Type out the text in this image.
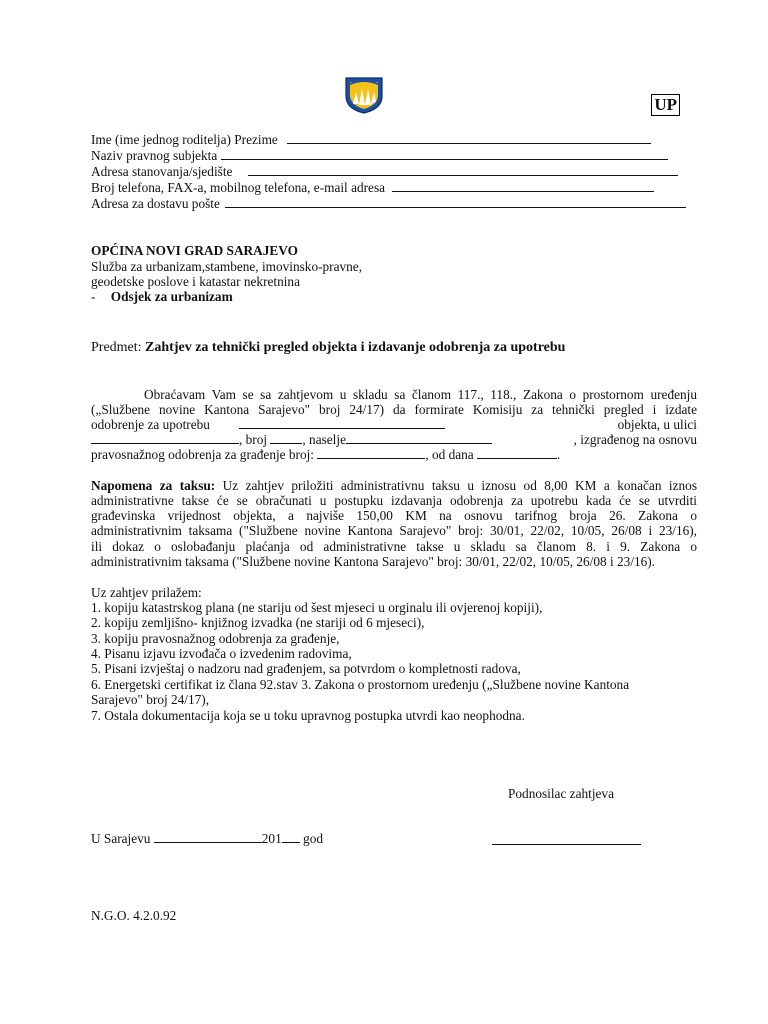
UP
Ime (ime jednog roditelja) Prezime
Naziv pravnog subjekta
Adresa stanovanja/sjedište
Broj telefona, FAX-a, mobilnog telefona, e-mail adresa
Adresa za dostavu pošte
OPĆINA NOVI GRAD SARAJEVO
Služba za urbanizam,stambene, imovinsko-pravne,
geodetske poslove i katastar nekretnina
- Odsjek za urbanizam
Predmet: Zahtjev za tehnički pregled objekta i izdavanje odobrenja za upotrebu
Obraćavam Vam se sa zahtjevom u skladu sa članom 117., 118., Zakona o prostornom uređenju
(„Službene novine Kantona Sarajevo" broj 24/17) da formirate Komisiju za tehnički pregled i izdate
odobrenje za upotrebu	objekta, u ulici
, broj	, naselje	, izgrađenog na osnovu
pravosnažnog odobrenja za građenje broj:	, od dana	.
Napomena za taksu: Uz zahtjev priložiti administrativnu taksu u iznosu od 8,00 KM a konačan iznos
administrativne takse će se obračunati u postupku izdavanja odobrenja za upotrebu kada će se utvrditi
građevinska vrijednost objekta, a najviše 150,00 KM na osnovu tarifnog broja 26. Zakona o
administrativnim taksama ("Službene novine Kantona Sarajevo" broj: 30/01, 22/02, 10/05, 26/08 i 23/16),
ili dokaz o oslobađanju plaćanja od administrativne takse u skladu sa članom 8. i 9. Zakona o
administrativnim taksama ("Službene novine Kantona Sarajevo" broj: 30/01, 22/02, 10/05, 26/08 i 23/16).
Uz zahtjev prilažem:
1. kopiju katastrskog plana (ne stariju od šest mjeseci u orginalu ili ovjerenoj kopiji),
2. kopiju zemljišno- knjižnog izvadka (ne stariji od 6 mjeseci),
3. kopiju pravosnažnog odobrenja za građenje,
4. Pisanu izjavu izvođača o izvedenim radovima,
5. Pisani izvještaj o nadzoru nad građenjem, sa potvrdom o kompletnosti radova,
6. Energetski certifikat iz člana 92.stav 3. Zakona o prostornom uređenju („Službene novine Kantona
Sarajevo" broj 24/17),
7. Ostala dokumentacija koja se u toku upravnog postupka utvrdi kao neophodna.
Podnosilac zahtjeva
U Sarajevu	201 god
N.G.O. 4.2.0.92
